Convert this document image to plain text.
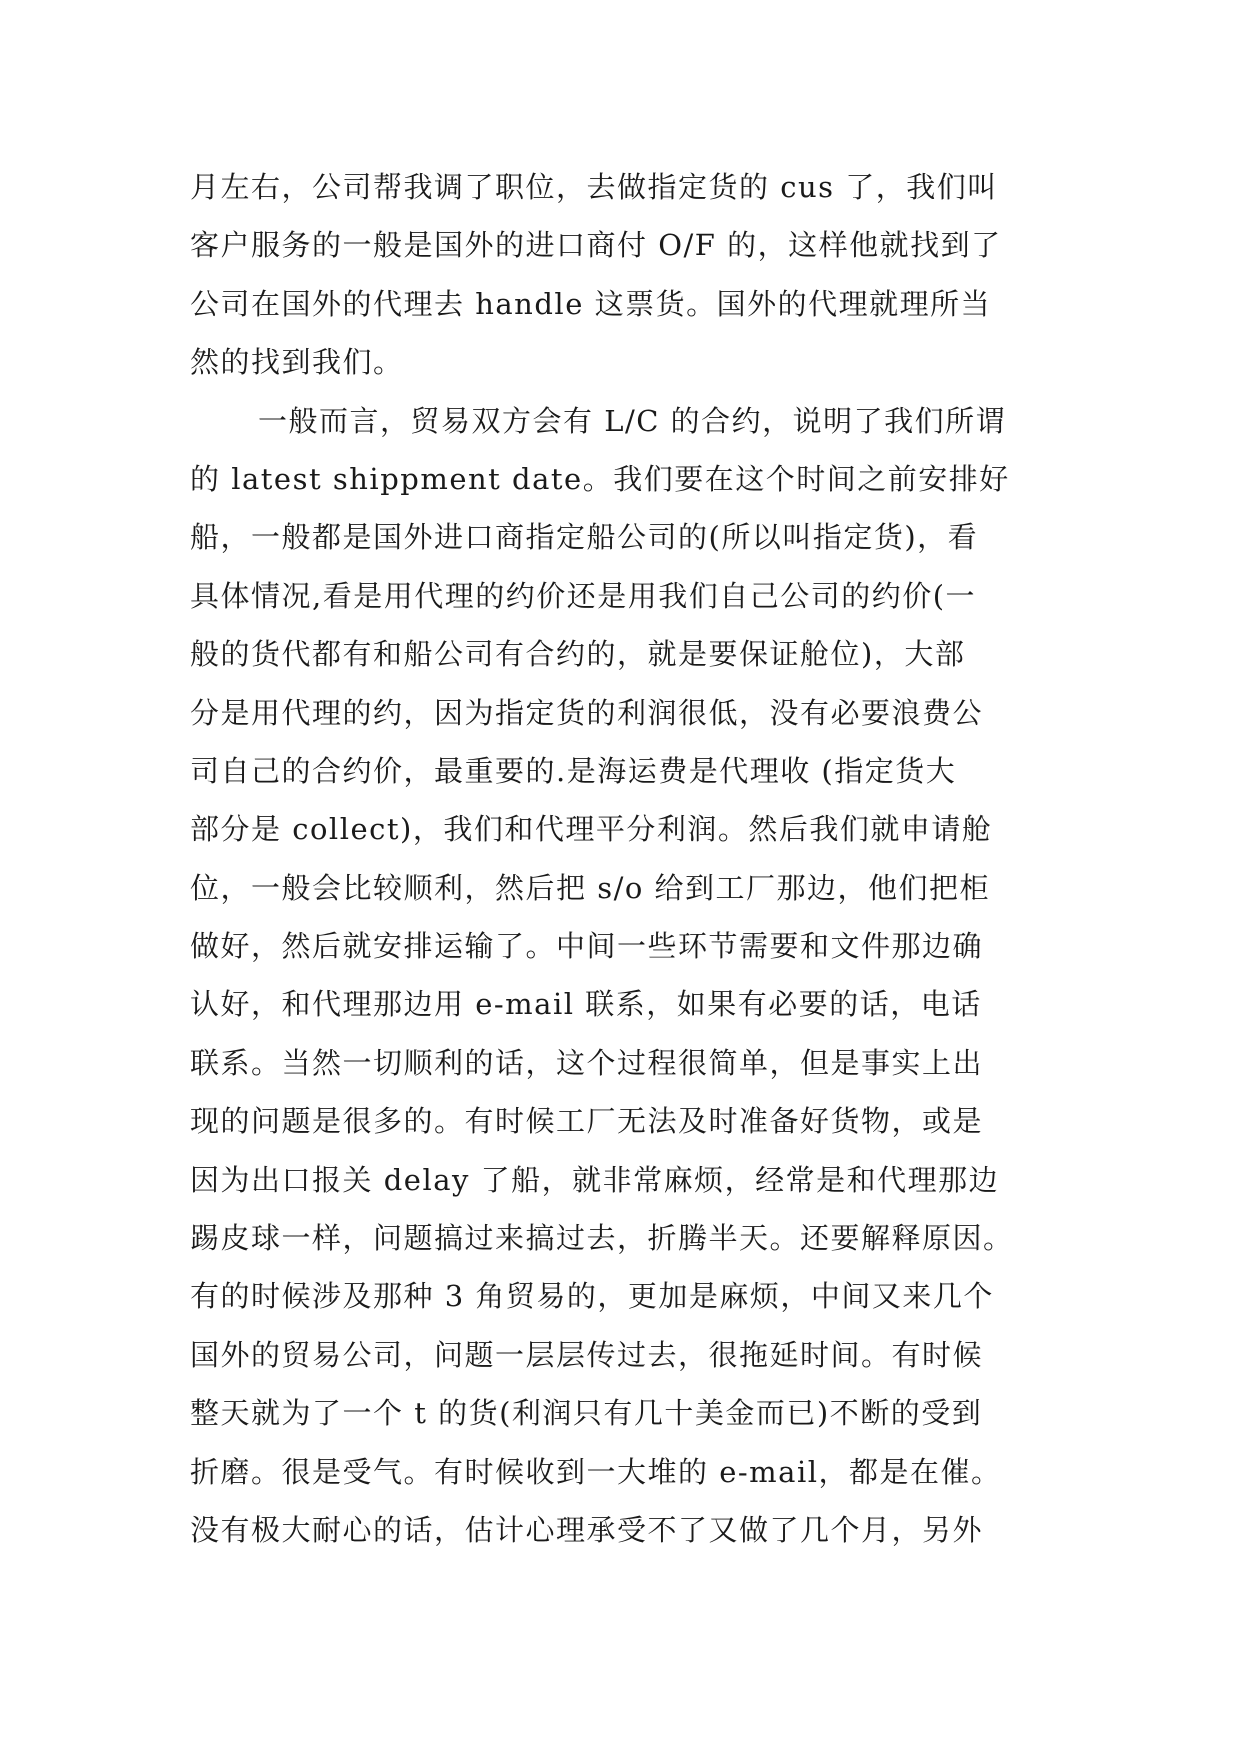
月左右，公司帮我调了职位，去做指定货的 cus 了，我们叫
客户服务的一般是国外的进口商付 O/F 的，这样他就找到了
公司在国外的代理去 handle 这票货。国外的代理就理所当
然的找到我们。
一般而言，贸易双方会有 L/C 的合约，说明了我们所谓
的 latest shippment date。我们要在这个时间之前安排好
船，一般都是国外进口商指定船公司的(所以叫指定货)，看
具体情况,看是用代理的约价还是用我们自己公司的约价(一
般的货代都有和船公司有合约的，就是要保证舱位)，大部
分是用代理的约，因为指定货的利润很低，没有必要浪费公
司自己的合约价，最重要的.是海运费是代理收 (指定货大
部分是 collect)，我们和代理平分利润。然后我们就申请舱
位，一般会比较顺利，然后把 s/o 给到工厂那边，他们把柜
做好，然后就安排运输了。中间一些环节需要和文件那边确
认好，和代理那边用 e-mail 联系，如果有必要的话，电话
联系。当然一切顺利的话，这个过程很简单，但是事实上出
现的问题是很多的。有时候工厂无法及时准备好货物，或是
因为出口报关 delay 了船，就非常麻烦，经常是和代理那边
踢皮球一样，问题搞过来搞过去，折腾半天。还要解释原因。
有的时候涉及那种 3 角贸易的，更加是麻烦，中间又来几个
国外的贸易公司，问题一层层传过去，很拖延时间。有时候
整天就为了一个 t 的货(利润只有几十美金而已)不断的受到
折磨。很是受气。有时候收到一大堆的 e-mail，都是在催。
没有极大耐心的话，估计心理承受不了又做了几个月，另外
